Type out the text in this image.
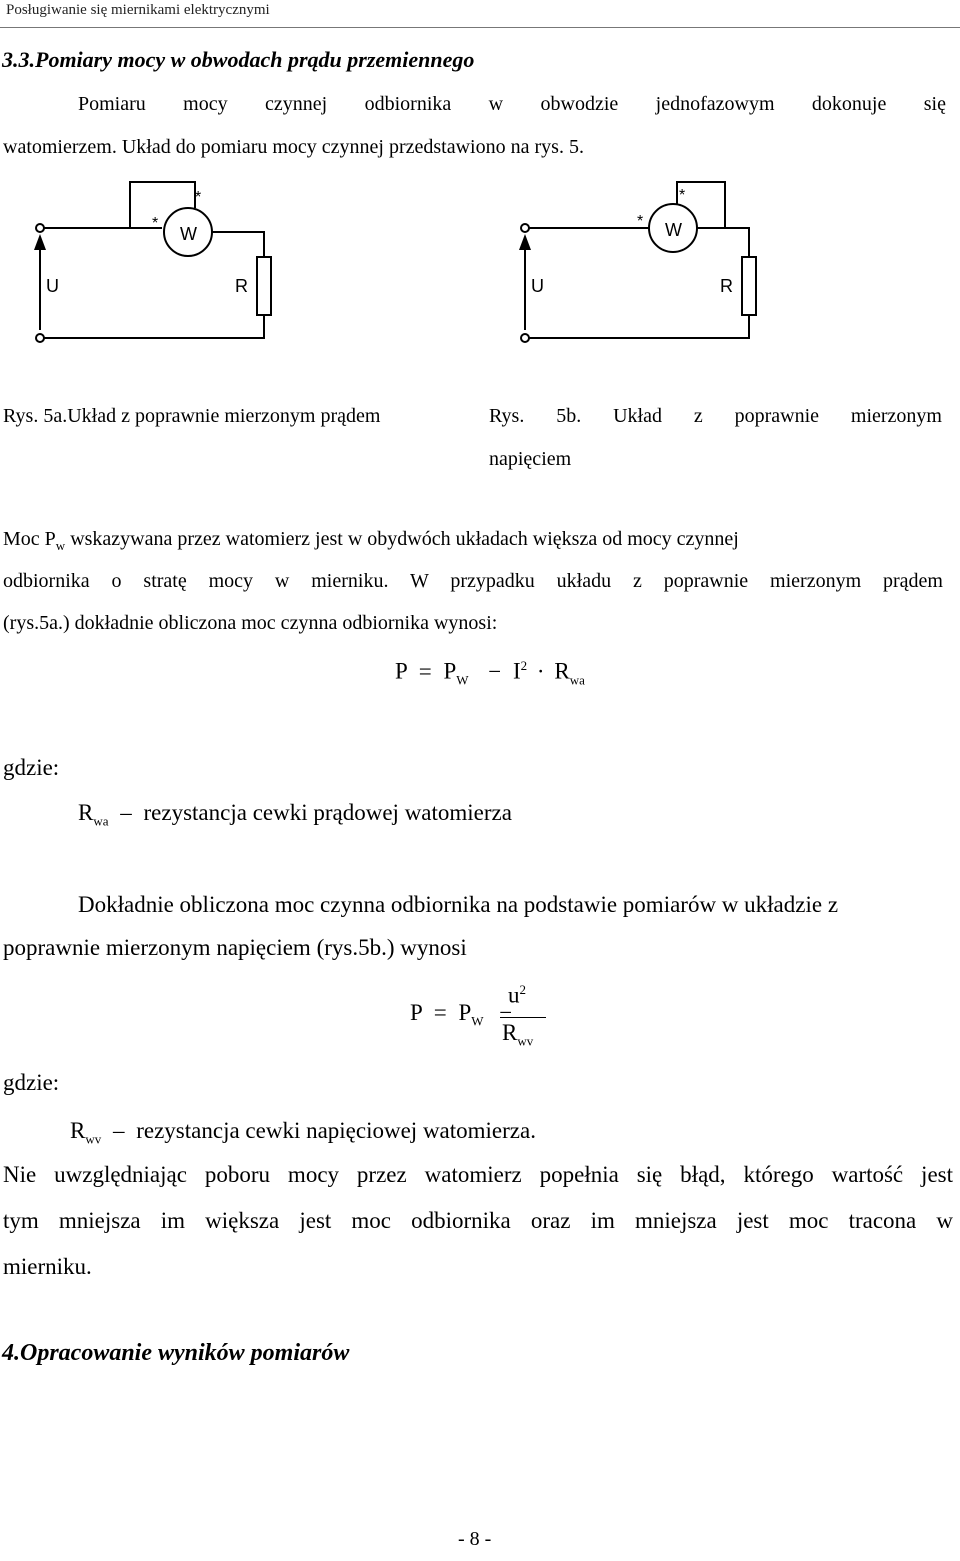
Posługiwanie się miernikami elektrycznymi
3.3.Pomiary mocy w obwodach prądu przemiennego
Pomiaru mocy czynnej odbiornika w obwodzie jednofazowym dokonuje się
watomierzem. Układ do pomiaru mocy czynnej przedstawiono na rys. 5.
W
*
*
U	R
W
*
*
U	R
Rys. 5a.Układ z poprawnie mierzonym prądem	Rys. 5b. Układ z poprawnie mierzonym
napięciem
Moc $P_w$ wskazywana przez watomierz jest w obydwóch układach większa od mocy czynnej
odbiornika o stratę mocy w mierniku. W przypadku układu z poprawnie mierzonym prądem
(rys.5a.) dokładnie obliczona moc czynna odbiornika wynosi:
$P = P_W - I^2 \cdot R_{wa}$
gdzie:
$R_{wa}$ – rezystancja cewki prądowej watomierza
Dokładnie obliczona moc czynna odbiornika na podstawie pomiarów w układzie z
poprawnie mierzonym napięciem (rys.5b.) wynosi
$P = P_W$ −
$u^2$
$R_{wv}$
gdzie:
$R_{wv}$ – rezystancja cewki napięciowej watomierza.
Nie uwzględniając poboru mocy przez watomierz popełnia się błąd, którego wartość jest
tym mniejsza im większa jest moc odbiornika oraz im mniejsza jest moc tracona w
mierniku.
4.Opracowanie wyników pomiarów
- 8 -
